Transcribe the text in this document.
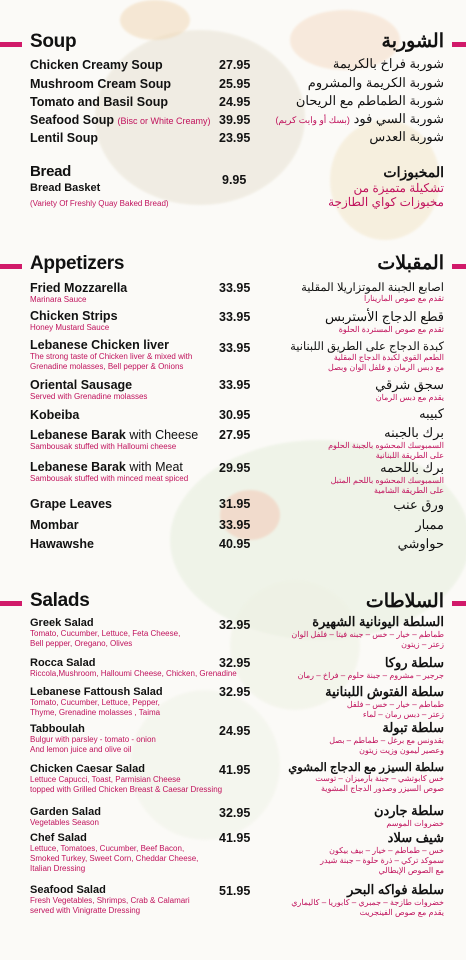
Soup	الشوربة
Chicken Creamy Soup	27.95	شوربة فراخ بالكريمة
Mushroom Cream Soup	25.95	شوربة الكريمة والمشروم
Tomato and Basil Soup	24.95	شوربة الطماطم مع الريحان
Seafood Soup (Bisc or White Creamy) 39.95	شوربة السي فود (بسك أو وايت كريم)
Lentil Soup	23.95	شوربة العدس
Bread
Bread Basket
(Variety Of Freshly Quay Baked Bread)
9.95	المخبوزات
تشكيلة متميزة من
مخبوزات كواي الطازجة
Appetizers	المقبلات
Fried Mozzarella
Marinara Sauce
33.95	اصابع الجبنة الموتزاريلا المقلية
تقدم مع صوص المارينارا
Chicken Strips
Honey Mustard Sauce
33.95	قطع الدجاج الأستربس
تقدم مع صوص المستردة الحلوة
Lebanese Chicken liver
The strong taste of Chicken liver & mixed with
Grenadine molasses, Bell pepper & Onions
33.95	كبدة الدجاج على الطريق اللبنانية
الطعم القوي لكبدة الدجاج المقلية
مع دبس الرمان و فلفل الوان وبصل
Oriental Sausage
Served with Grenadine molasses
33.95	سجق شرقي
يقدم مع دبس الرمان
Kobeiba	30.95	كبيبه
Lebanese Barak with Cheese
Sambousak stuffed with Halloumi cheese
27.95	برك بالجبنه
السمبوسك المحشوه بالجبنة الحلوم
على الطريقة اللبنانية
Lebanese Barak with Meat
Sambousak stuffed with minced meat spiced
29.95	برك باللحمه
السمبوسك المحشوه باللحم المتبل
على الطريقة الشامية
Grape Leaves	31.95	ورق عنب
Mombar	33.95	ممبار
Hawawshe	40.95	حواوشي
Salads	السلاطات
Greek Salad
Tomato, Cucumber, Lettuce, Feta Cheese,
Bell pepper, Oregano, Olives
32.95	السلطة اليونانية الشهيرة
طماطم – خيار – خس – جبنه فيتا – فلفل الوان
زعتر – زيتون
Rocca Salad
Riccola,Mushroom, Halloumi Cheese, Chicken, Grenadine
32.95	سلطة روكا
جرجير – مشروم – جبنة حلوم – فراخ – رمان
Lebanese Fattoush Salad
Tomato, Cucumber, Lettuce, Pepper,
Thyme, Grenadine molasses , Taima
32.95	سلطة الفتوش اللبنانية
طماطم – خيار – خس – فلفل
زعتر – دبس رمان – لماء
Tabboulah
Bulgur with parsley - tomato - onion
And lemon juice and olive oil
24.95	سلطة تبولة
بقدونس مع برغل – طماطم – بصل
وعصير ليمون وزيت زيتون
Chicken Caesar Salad
Lettuce Capucci, Toast, Parmisian Cheese
topped with Grilled Chicken Breast & Caesar Dressing
41.95	سلطة السيزر مع الدجاج المشوي
خس كابوتشي – جبنة بارميزان – توست
صوص السيزر وصدور الدجاج المشوية
Garden Salad
Vegetables Season
32.95	سلطة جاردن
خضروات الموسم
Chef Salad
Lettuce, Tomatoes, Cucumber, Beef Bacon,
Smoked Turkey, Sweet Corn, Cheddar Cheese,
Italian Dressing
41.95	شيف سلاد
خس – طماطم – خيار – بيف بيكون
سموكد تركي – ذرة حلوة – جبنة شيدر
مع الصوص الإيطالي
Seafood Salad
Fresh Vegetables, Shrimps, Crab & Calamari
served with Vinigratte Dressing
51.95	سلطة فواكه البحر
خضروات طازجة – جمبري – كابوريا – كاليماري
يقدم مع صوص الفينجريت
